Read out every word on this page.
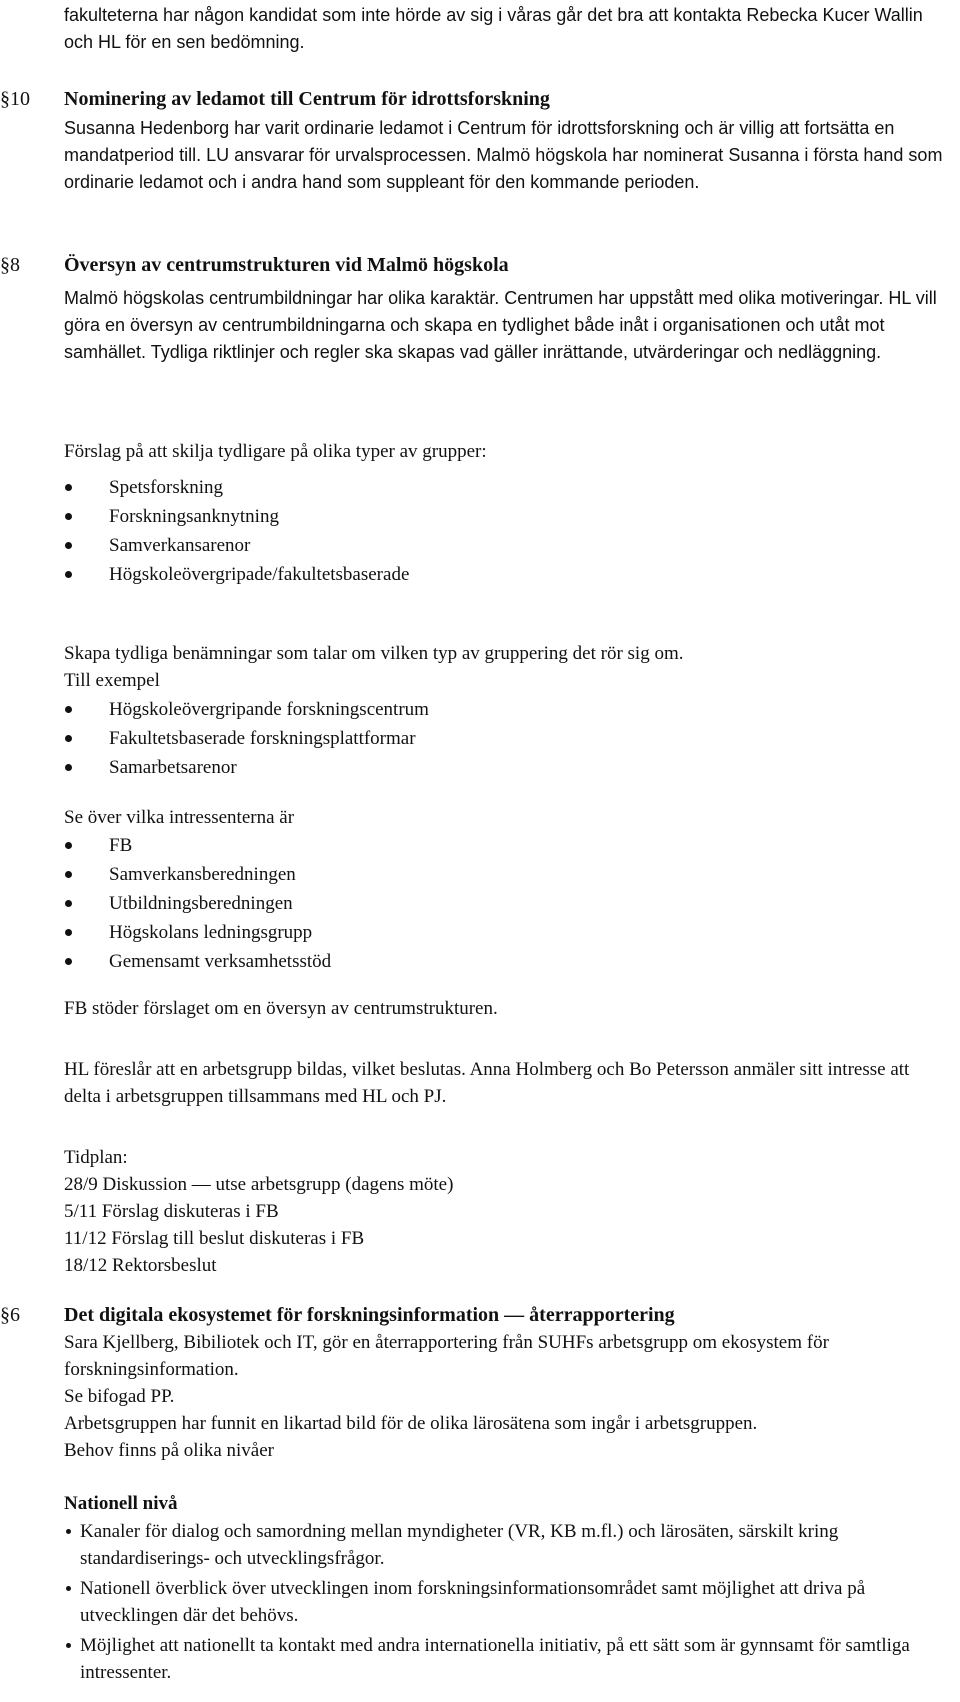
fakulteterna har någon kandidat som inte hörde av sig i våras går det bra att kontakta Rebecka Kucer Wallin och HL för en sen bedömning.

§10 Nominering av ledamot till Centrum för idrottsforskning

Susanna Hedenborg har varit ordinarie ledamot i Centrum för idrottsforskning och är villig att fortsätta en mandatperiod till. LU ansvarar för urvalsprocessen. Malmö högskola har nominerat Susanna i första hand som ordinarie ledamot och i andra hand som suppleant för den kommande perioden.

§8 Översyn av centrumstrukturen vid Malmö högskola

Malmö högskolas centrumbildningar har olika karaktär. Centrumen har uppstått med olika motiveringar. HL vill göra en översyn av centrumbildningarna och skapa en tydlighet både inåt i organisationen och utåt mot samhället. Tydliga riktlinjer och regler ska skapas vad gäller inrättande, utvärderingar och nedläggning.

Förslag på att skilja tydligare på olika typer av grupper:

Spetsforskning
Forskningsanknytning
Samverkansarenor
Högskoleövergripade/fakultetsbaserade

Skapa tydliga benämningar som talar om vilken typ av gruppering det rör sig om.

Till exempel

Högskoleövergripande forskningscentrum
Fakultetsbaserade forskningsplattformar
Samarbetsarenor

Se över vilka intressenterna är

FB
Samverkansberedningen
Utbildningsberedningen
Högskolans ledningsgrupp
Gemensamt verksamhetsstöd

FB stöder förslaget om en översyn av centrumstrukturen.

HL föreslår att en arbetsgrupp bildas, vilket beslutas. Anna Holmberg och Bo Petersson anmäler sitt intresse att delta i arbetsgruppen tillsammans med HL och PJ.

Tidplan:

28/9 Diskussion — utse arbetsgrupp (dagens möte)

5/11 Förslag diskuteras i FB

11/12 Förslag till beslut diskuteras i FB

18/12 Rektorsbeslut

§6 Det digitala ekosystemet för forskningsinformation — återrapportering

Sara Kjellberg, Bibiliotek och IT, gör en återrapportering från SUHFs arbetsgrupp om ekosystem för forskningsinformation.

Se bifogad PP.

Arbetsgruppen har funnit en likartad bild för de olika lärosätena som ingår i arbetsgruppen.

Behov finns på olika nivåer

Nationell nivå

Kanaler för dialog och samordning mellan myndigheter (VR, KB m.fl.) och lärosäten, särskilt kring standardiserings- och utvecklingsfrågor.
Nationell överblick över utvecklingen inom forskningsinformationsområdet samt möjlighet att driva på utvecklingen där det behövs.
Möjlighet att nationellt ta kontakt med andra internationella initiativ, på ett sätt som är gynnsamt för samtliga intressenter.
